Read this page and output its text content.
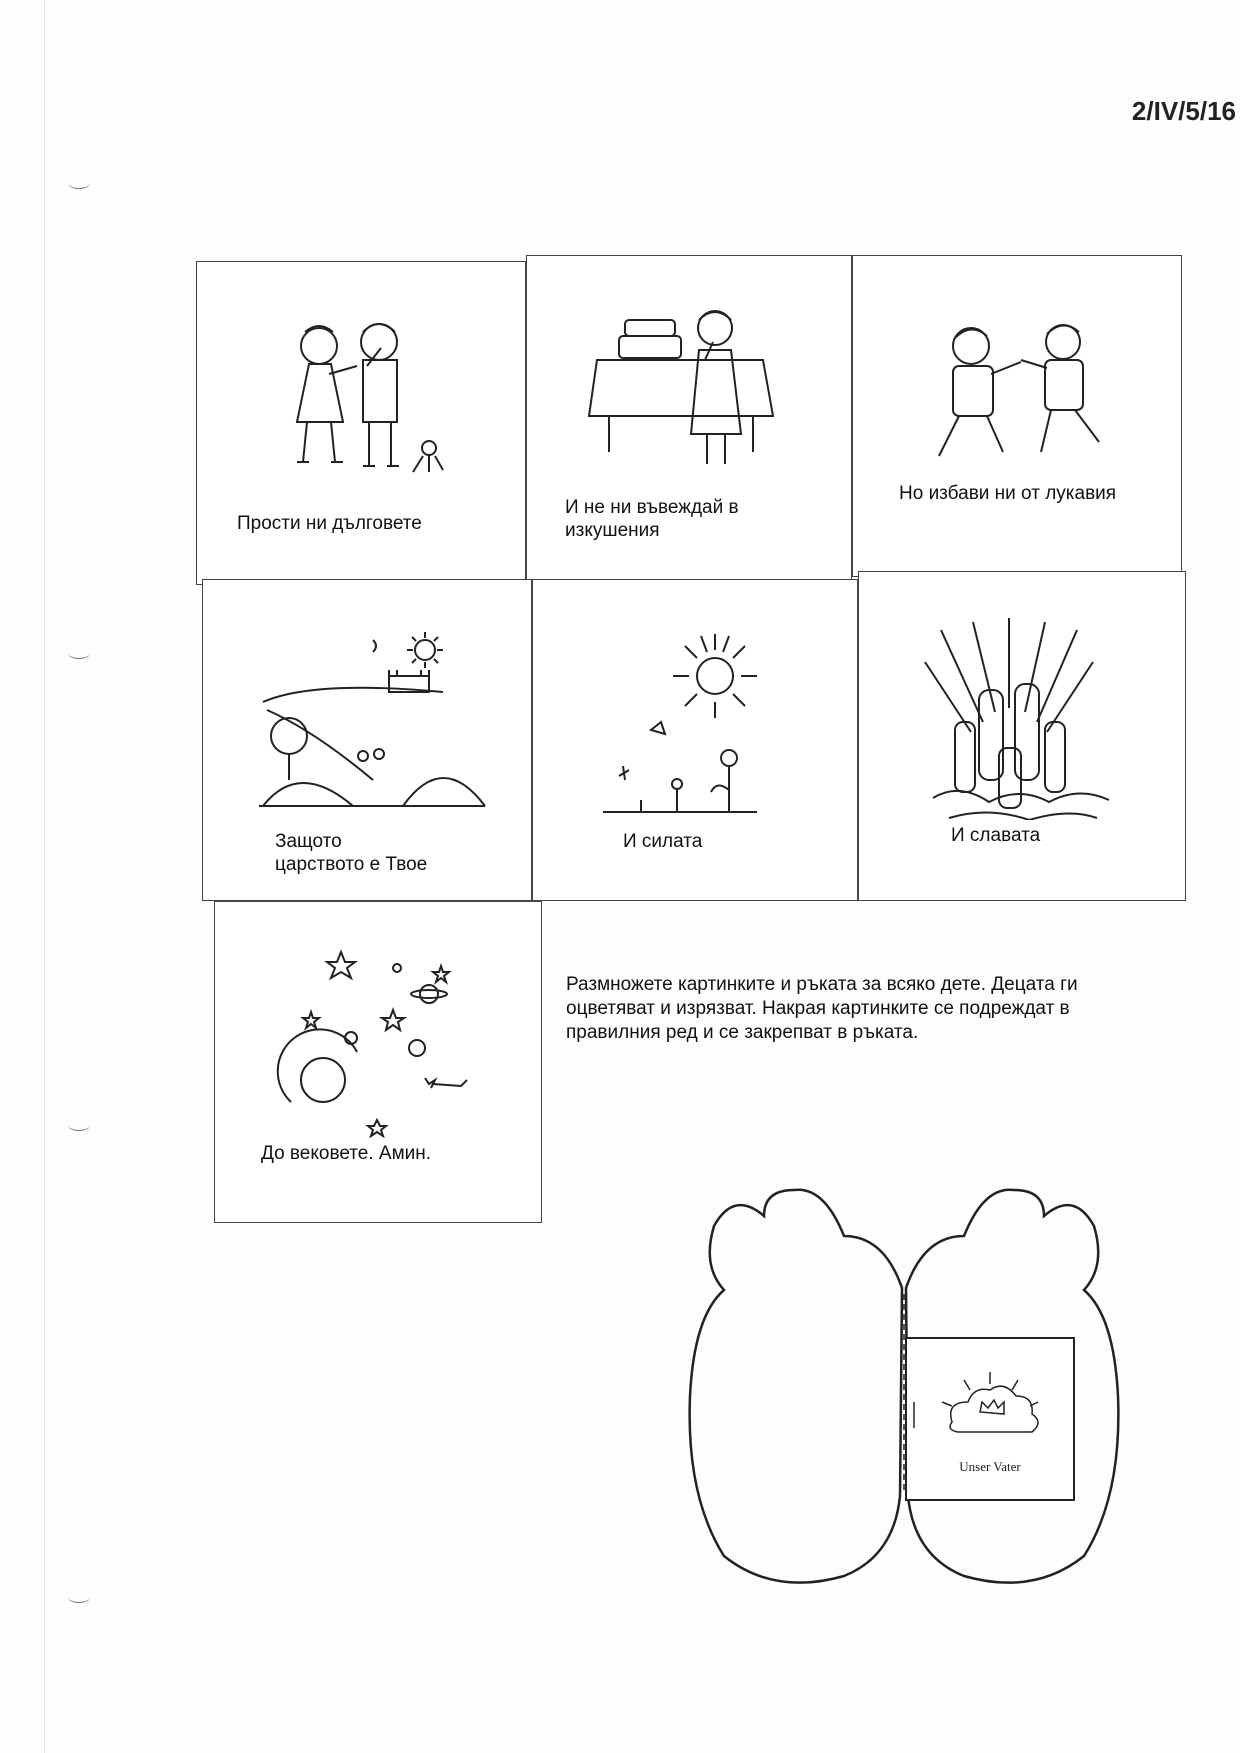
2/IV/5/16
Прости ни дълговете
И не ни въвеждай в изкушения
Но избави ни от лукавия
Защото царството е Твое
И силата	И славата
До вековете. Амин.
Размножете картинките и ръката за всяко дете. Децата ги оцветяват и изрязват. Накрая картинките се подреждат в правилния ред и се закрепват в ръката.
Unser Vater
